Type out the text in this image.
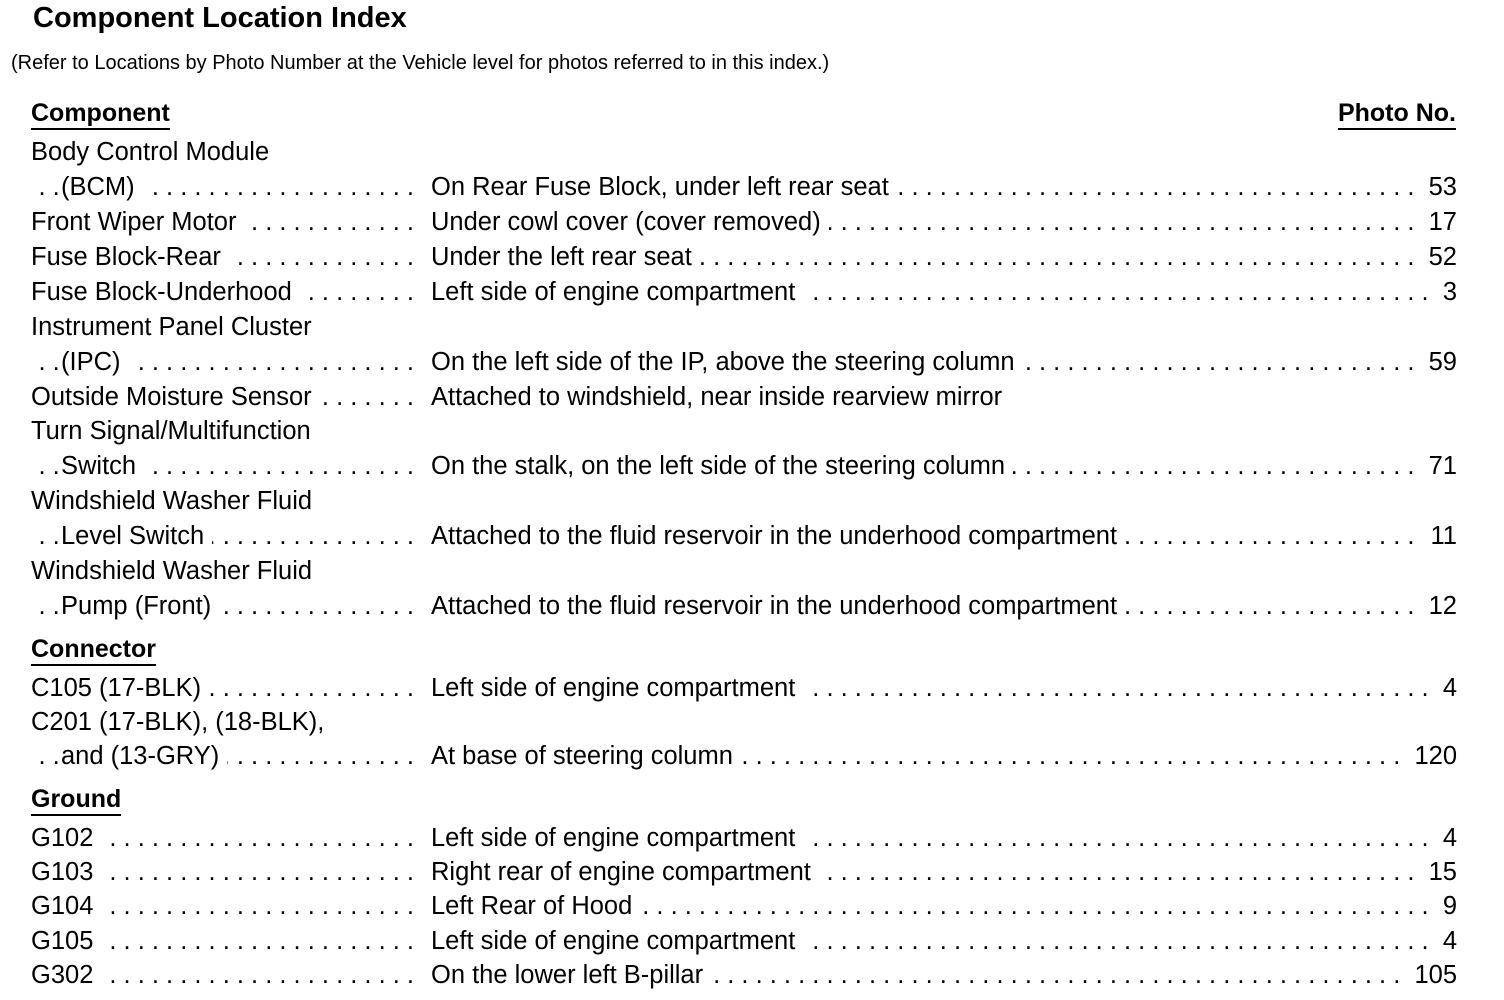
Component Location Index
(Refer to Locations by Photo Number at the Vehicle level for photos referred to in this index.)
Component	Photo No.
Body Control Module
(BCM) . . .	On Rear Fuse Block, under left rear seat . . .	53
Front Wiper Motor . . .	Under cowl cover (cover removed) . . .	17
Fuse Block-Rear . . .	Under the left rear seat . . .	52
Fuse Block-Underhood . . .	Left side of engine compartment . . .	3
Instrument Panel Cluster
(IPC) . . .	On the left side of the IP, above the steering column . . .	59
Outside Moisture Sensor . . .	Attached to windshield, near inside rearview mirror
Turn Signal/Multifunction
Switch . . .	On the stalk, on the left side of the steering column . . .	71
Windshield Washer Fluid
Level Switch . . .	Attached to the fluid reservoir in the underhood compartment . . .	11
Windshield Washer Fluid
Pump (Front) . . .	Attached to the fluid reservoir in the underhood compartment . . .	12
Connector
C105 (17-BLK) . . .	Left side of engine compartment . . .	4
C201 (17-BLK), (18-BLK),
and (13-GRY) . . .	At base of steering column . . .	120
Ground
G102 . . .	Left side of engine compartment . . .	4
G103 . . .	Right rear of engine compartment . . .	15
G104 . . .	Left Rear of Hood . . .	9
G105 . . .	Left side of engine compartment . . .	4
G302 . . .	On the lower left B-pillar . . .	105
